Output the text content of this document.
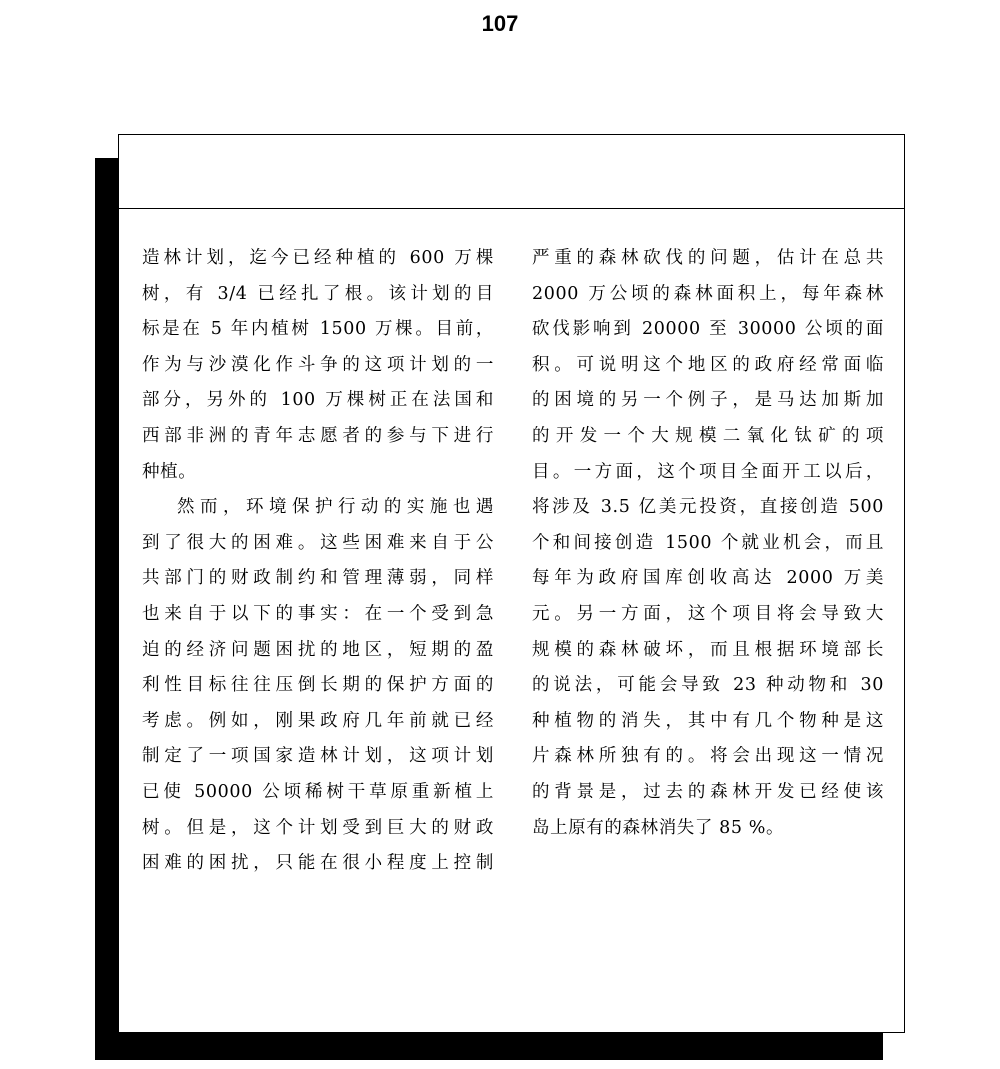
107
造林计划，迄今已经种植的 600 万棵
树，有 3/4 已经扎了根。该计划的目
标是在 5 年内植树 1500 万棵。目前，
作为与沙漠化作斗争的这项计划的一
部分，另外的 100 万棵树正在法国和
西部非洲的青年志愿者的参与下进行
种植。
然而，环境保护行动的实施也遇
到了很大的困难。这些困难来自于公
共部门的财政制约和管理薄弱，同样
也来自于以下的事实：在一个受到急
迫的经济问题困扰的地区，短期的盈
利性目标往往压倒长期的保护方面的
考虑。例如，刚果政府几年前就已经
制定了一项国家造林计划，这项计划
已使 50000 公顷稀树干草原重新植上
树。但是，这个计划受到巨大的财政
困难的困扰，只能在很小程度上控制
严重的森林砍伐的问题，估计在总共
2000 万公顷的森林面积上，每年森林
砍伐影响到 20000 至 30000 公顷的面
积。可说明这个地区的政府经常面临
的困境的另一个例子，是马达加斯加
的开发一个大规模二氧化钛矿的项
目。一方面，这个项目全面开工以后，
将涉及 3.5 亿美元投资，直接创造 500
个和间接创造 1500 个就业机会，而且
每年为政府国库创收高达 2000 万美
元。另一方面，这个项目将会导致大
规模的森林破坏，而且根据环境部长
的说法，可能会导致 23 种动物和 30
种植物的消失，其中有几个物种是这
片森林所独有的。将会出现这一情况
的背景是，过去的森林开发已经使该
岛上原有的森林消失了 85 %。
